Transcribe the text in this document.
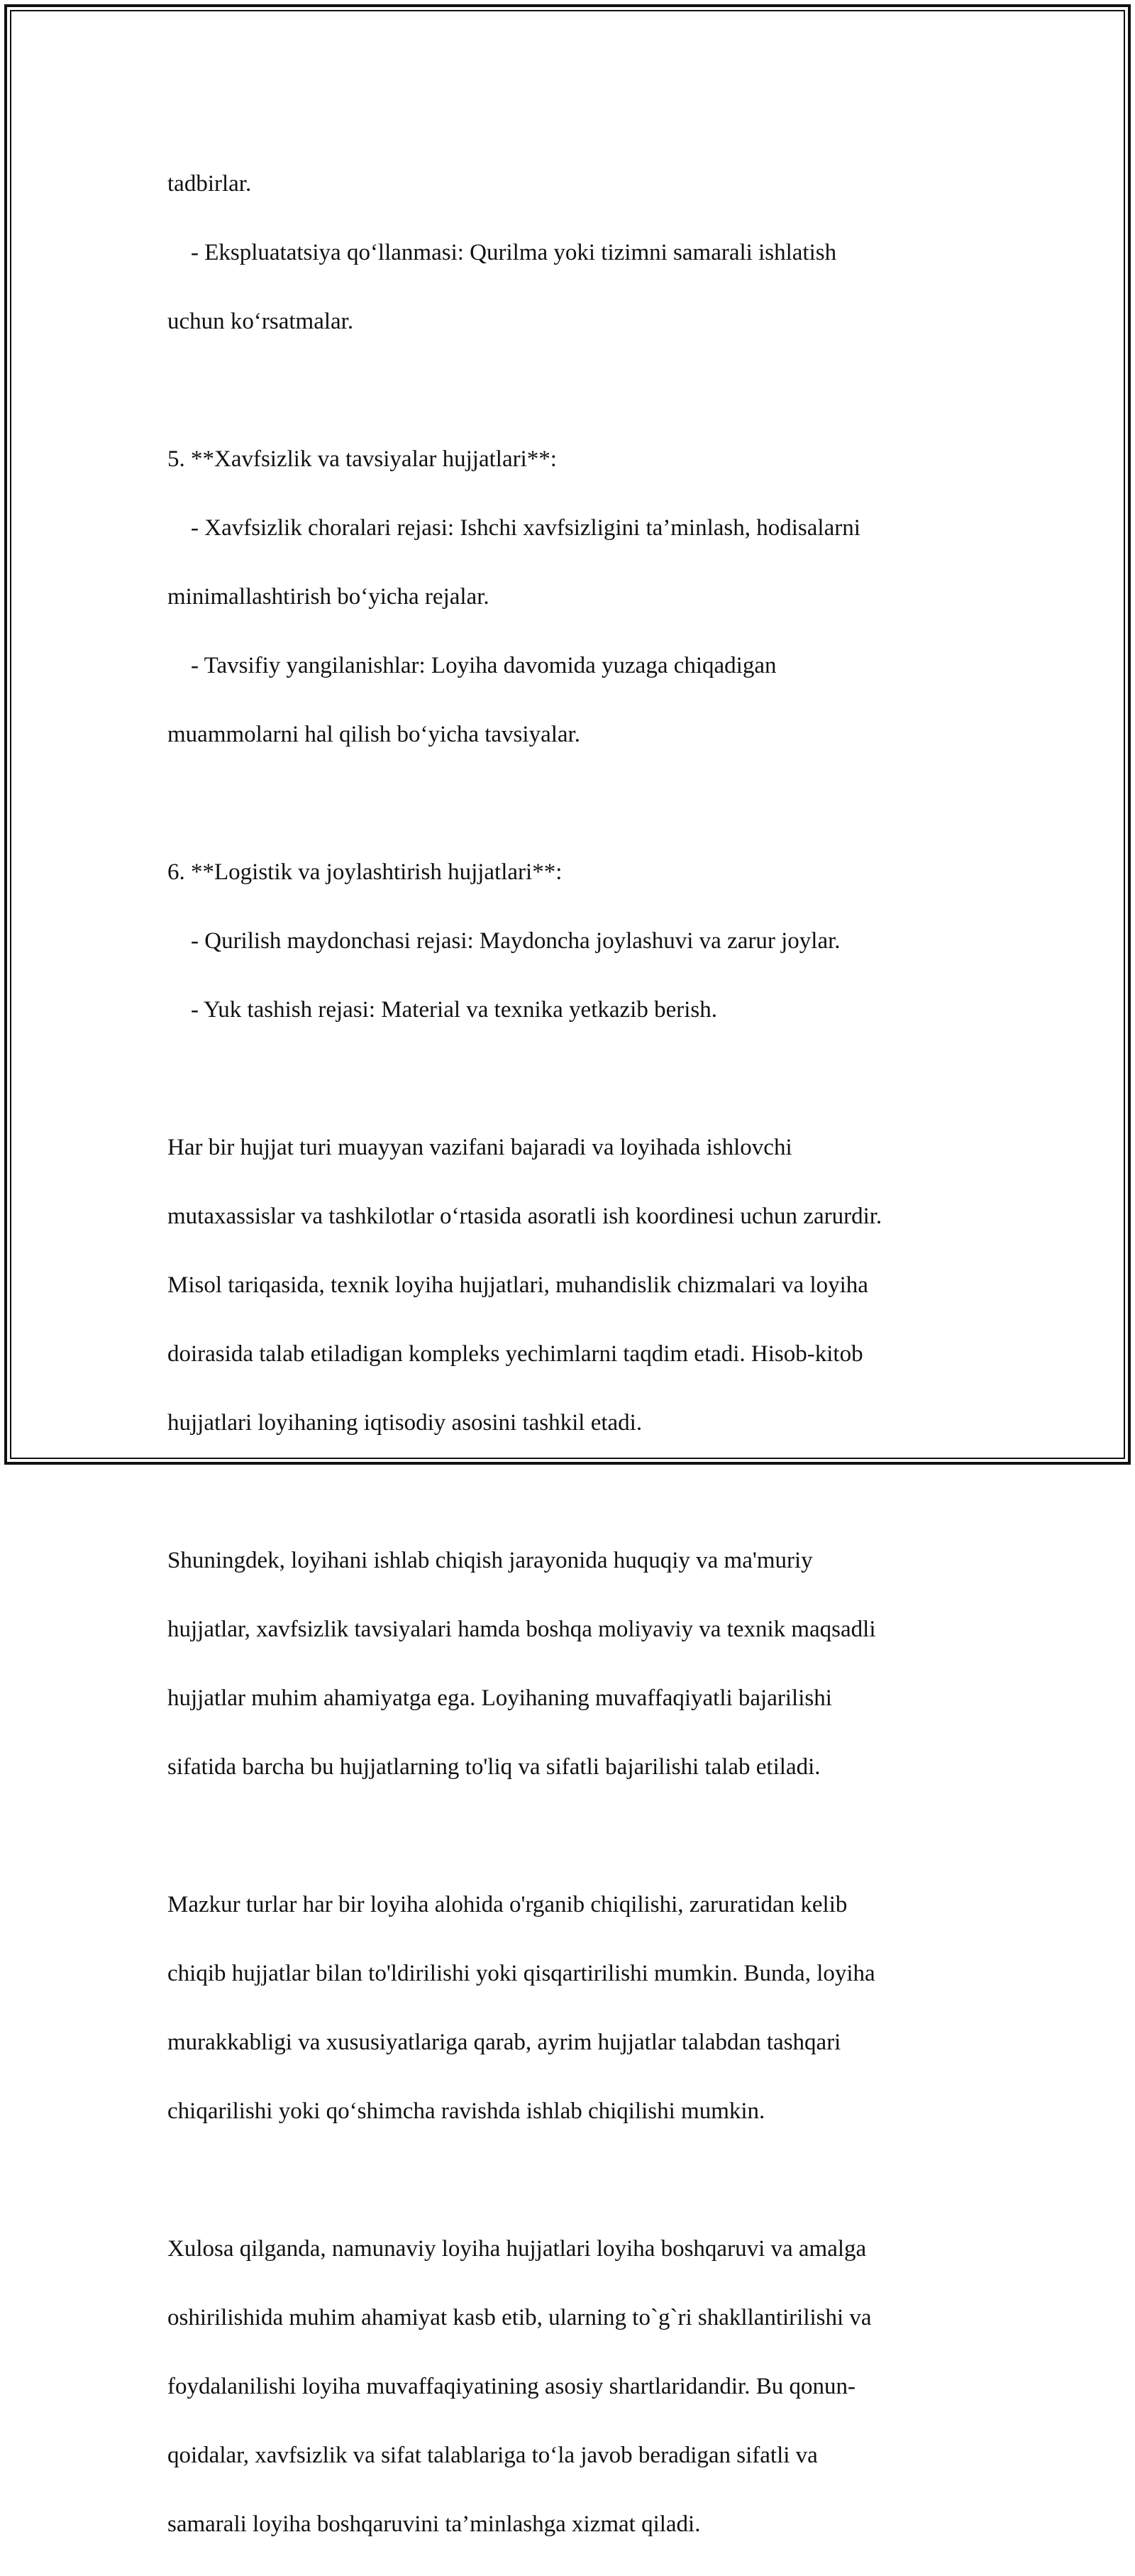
tadbirlar.

- Ekspluatatsiya qo‘llanmasi: Qurilma yoki tizimni samarali ishlatish

uchun ko‘rsatmalar.

5. **Xavfsizlik va tavsiyalar hujjatlari**:

- Xavfsizlik choralari rejasi: Ishchi xavfsizligini ta’minlash, hodisalarni

minimallashtirish bo‘yicha rejalar.

- Tavsifiy yangilanishlar: Loyiha davomida yuzaga chiqadigan

muammolarni hal qilish bo‘yicha tavsiyalar.

6. **Logistik va joylashtirish hujjatlari**:

- Qurilish maydonchasi rejasi: Maydoncha joylashuvi va zarur joylar.

- Yuk tashish rejasi: Material va texnika yetkazib berish.

Har bir hujjat turi muayyan vazifani bajaradi va loyihada ishlovchi

mutaxassislar va tashkilotlar o‘rtasida asoratli ish koordinesi uchun zarurdir.

Misol tariqasida, texnik loyiha hujjatlari, muhandislik chizmalari va loyiha

doirasida talab etiladigan kompleks yechimlarni taqdim etadi. Hisob-kitob

hujjatlari loyihaning iqtisodiy asosini tashkil etadi.

Shuningdek, loyihani ishlab chiqish jarayonida huquqiy va ma'muriy

hujjatlar, xavfsizlik tavsiyalari hamda boshqa moliyaviy va texnik maqsadli

hujjatlar muhim ahamiyatga ega. Loyihaning muvaffaqiyatli bajarilishi

sifatida barcha bu hujjatlarning to'liq va sifatli bajarilishi talab etiladi.

Mazkur turlar har bir loyiha alohida o'rganib chiqilishi, zaruratidan kelib

chiqib hujjatlar bilan to'ldirilishi yoki qisqartirilishi mumkin. Bunda, loyiha

murakkabligi va xususiyatlariga qarab, ayrim hujjatlar talabdan tashqari

chiqarilishi yoki qo‘shimcha ravishda ishlab chiqilishi mumkin.

Xulosa qilganda, namunaviy loyiha hujjatlari loyiha boshqaruvi va amalga

oshirilishida muhim ahamiyat kasb etib, ularning to`g`ri shakllantirilishi va

foydalanilishi loyiha muvaffaqiyatining asosiy shartlaridandir. Bu qonun-

qoidalar, xavfsizlik va sifat talablariga to‘la javob beradigan sifatli va

samarali loyiha boshqaruvini ta’minlashga xizmat qiladi.
